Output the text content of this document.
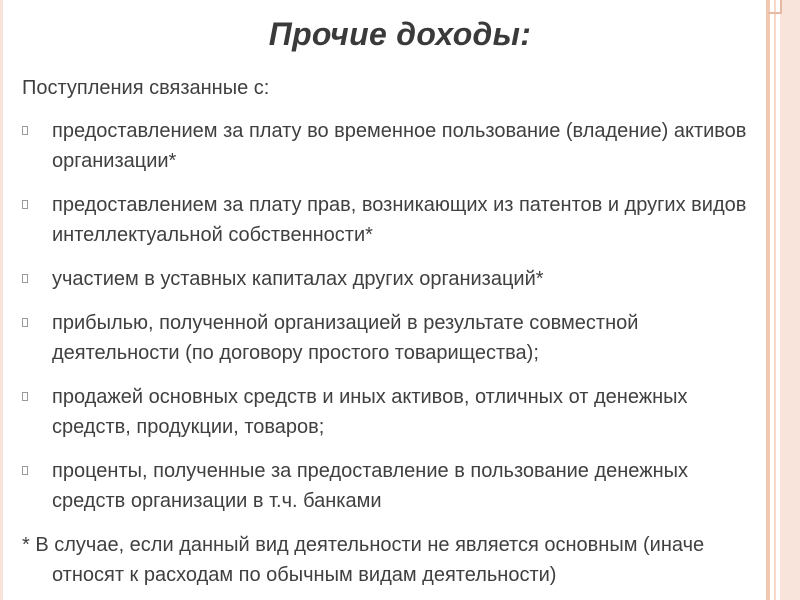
Прочие доходы:

Поступления связанные с:

предоставлением за плату во временное пользование (владение) активов организации*
предоставлением за плату прав, возникающих из патентов и других видов интеллектуальной собственности*
участием в уставных капиталах других организаций*
прибылью, полученной организацией в результате совместной деятельности (по договору простого товарищества);
продажей основных средств и иных активов, отличных от денежных средств, продукции, товаров;
проценты, полученные за предоставление в пользование денежных средств организации в т.ч. банками

* В случае, если данный вид деятельности не является основным (иначе относят к расходам по обычным видам деятельности)
